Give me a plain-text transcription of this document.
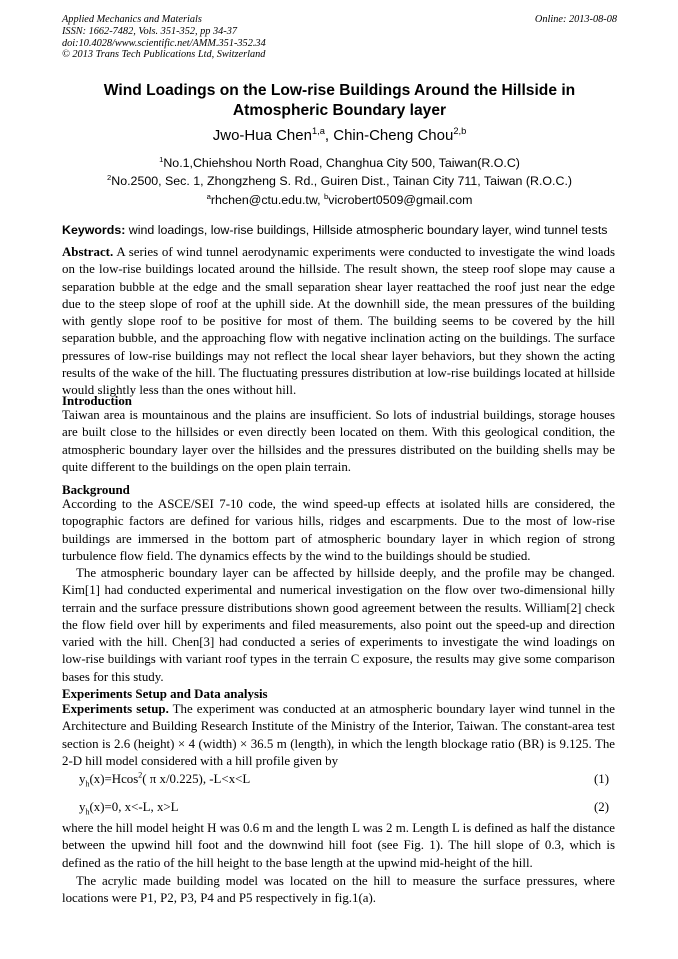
Applied Mechanics and Materials
ISSN: 1662-7482, Vols. 351-352, pp 34-37
doi:10.4028/www.scientific.net/AMM.351-352.34
© 2013 Trans Tech Publications Ltd, Switzerland
Online: 2013-08-08
Wind Loadings on the Low-rise Buildings Around the Hillside in
Atmospheric Boundary layer
Jwo-Hua Chen$^{1,a}$, Chin-Cheng Chou$^{2,b}$
$^1$No.1,Chiehshou North Road, Changhua City 500, Taiwan(R.O.C)
$^2$No.2500, Sec. 1, Zhongzheng S. Rd., Guiren Dist., Tainan City 711, Taiwan (R.O.C.)
$^a$rhchen@ctu.edu.tw, $^b$vicrobert0509@gmail.com
Keywords: wind loadings, low-rise buildings, Hillside atmospheric boundary layer, wind tunnel tests
Abstract. A series of wind tunnel aerodynamic experiments were conducted to investigate the wind loads on the low-rise buildings located around the hillside. The result shown, the steep roof slope may cause a separation bubble at the edge and the small separation shear layer reattached the roof just near the edge due to the steep slope of roof at the uphill side. At the downhill side, the mean pressures of the building with gently slope roof to be positive for most of them. The building seems to be covered by the hill separation bubble, and the approaching flow with negative inclination acting on the buildings. The surface pressures of low-rise buildings may not reflect the local shear layer behaviors, but they shown the acting results of the wake of the hill. The fluctuating pressures distribution at low-rise buildings located at hillside would slightly less than the ones without hill.
Introduction
Taiwan area is mountainous and the plains are insufficient. So lots of industrial buildings, storage houses are built close to the hillsides or even directly been located on them. With this geological condition, the atmospheric boundary layer over the hillsides and the pressures distributed on the building shells may be quite different to the buildings on the open plain terrain.
Background
According to the ASCE/SEI 7-10 code, the wind speed-up effects at isolated hills are considered, the topographic factors are defined for various hills, ridges and escarpments. Due to the most of low-rise buildings are immersed in the bottom part of atmospheric boundary layer in which region of strong turbulence flow field. The dynamics effects by the wind to the buildings should be studied.
The atmospheric boundary layer can be affected by hillside deeply, and the profile may be changed. Kim[1] had conducted experimental and numerical investigation on the flow over two-dimensional hilly terrain and the surface pressure distributions shown good agreement between the results. William[2] check the flow field over hill by experiments and filed measurements, also point out the speed-up and direction varied with the hill. Chen[3] had conducted a series of experiments to investigate the wind loadings on low-rise buildings with variant roof types in the terrain C exposure, the results may give some comparison bases for this study.
Experiments Setup and Data analysis
Experiments setup. The experiment was conducted at an atmospheric boundary layer wind tunnel in the Architecture and Building Research Institute of the Ministry of the Interior, Taiwan. The constant-area test section is 2.6 (height) × 4 (width) × 36.5 m (length), in which the length blockage ratio (BR) is 9.125. The 2-D hill model considered with a hill profile given by
$y_h(x)=Hcos^2$( π x/0.225), -L<x<L	(1)
$y_h(x)=0$, x<-L, x>L	(2)
where the hill model height H was 0.6 m and the length L was 2 m. Length L is defined as half the distance between the upwind hill foot and the downwind hill foot (see Fig. 1). The hill slope of 0.3, which is defined as the ratio of the hill height to the base length at the upwind mid-height of the hill.
The acrylic made building model was located on the hill to measure the surface pressures, where locations were P1, P2, P3, P4 and P5 respectively in fig.1(a).
